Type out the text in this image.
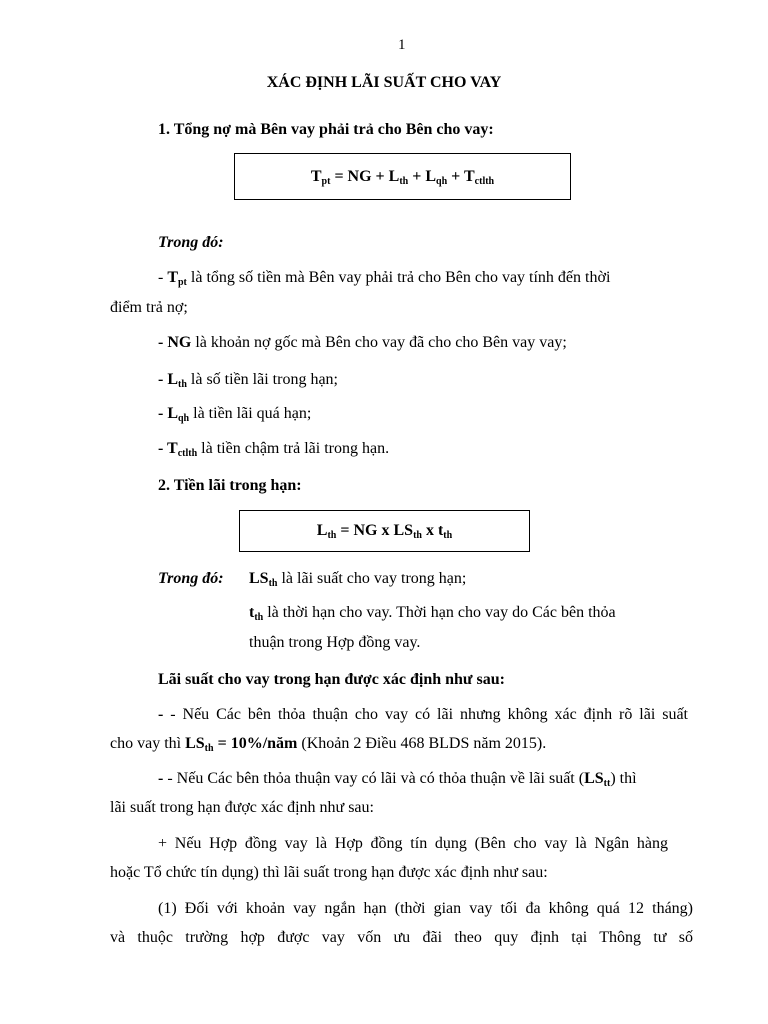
1
XÁC ĐỊNH LÃI SUẤT CHO VAY
1. Tổng nợ mà Bên vay phải trả cho Bên cho vay:
$T_{pt}$ = NG + $L_{th} + L_{qh} + T_{ctlth}$
Trong đó:
- $T_{pt}$ là tổng số tiền mà Bên vay phải trả cho Bên cho vay tính đến thời
điểm trả nợ;
- NG là khoản nợ gốc mà Bên cho vay đã cho cho Bên vay vay;
- $L_{th}$ là số tiền lãi trong hạn;
- $L_{qh}$ là tiền lãi quá hạn;
- $T_{ctlth}$ là tiền chậm trả lãi trong hạn.
2. Tiền lãi trong hạn:
$L_{th}$ = NG x $LS_{th}$ x $t_{th}$
Trong đó: $LS_{th}$ là lãi suất cho vay trong hạn;
$t_{th}$ là thời hạn cho vay. Thời hạn cho vay do Các bên thỏa
thuận trong Hợp đồng vay.
Lãi suất cho vay trong hạn được xác định như sau:
- - Nếu Các bên thỏa thuận cho vay có lãi nhưng không xác định rõ lãi suất
cho vay thì $LS_{th}$ = 10%/năm (Khoản 2 Điều 468 BLDS năm 2015).
- - Nếu Các bên thỏa thuận vay có lãi và có thỏa thuận về lãi suất $(LS_{tt})$ thì
lãi suất trong hạn được xác định như sau:
+ Nếu Hợp đồng vay là Hợp đồng tín dụng (Bên cho vay là Ngân hàng
hoặc Tổ chức tín dụng) thì lãi suất trong hạn được xác định như sau:
(1) Đối với khoản vay ngắn hạn (thời gian vay tối đa không quá 12 tháng)
và thuộc trường hợp được vay vốn ưu đãi theo quy định tại Thông tư số
